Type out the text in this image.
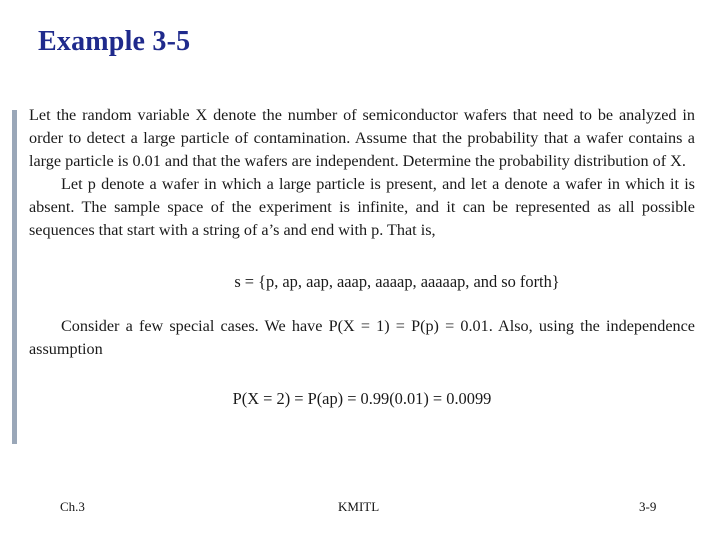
Example 3-5

Let the random variable X denote the number of semiconductor wafers that need to be analyzed in order to detect a large particle of contamination. Assume that the probability that a wafer contains a large particle is 0.01 and that the wafers are independent. Determine the probability distribution of X.

Let p denote a wafer in which a large particle is present, and let a denote a wafer in which it is absent. The sample space of the experiment is infinite, and it can be represented as all possible sequences that start with a string of a’s and end with p. That is,

s = {p, ap, aap, aaap, aaaap, aaaaap, and so forth}

Consider a few special cases. We have P(X = 1) = P(p) = 0.01. Also, using the independence assumption

P(X = 2) = P(ap) = 0.99(0.01) = 0.0099

Ch.3	KMITL	3-9
